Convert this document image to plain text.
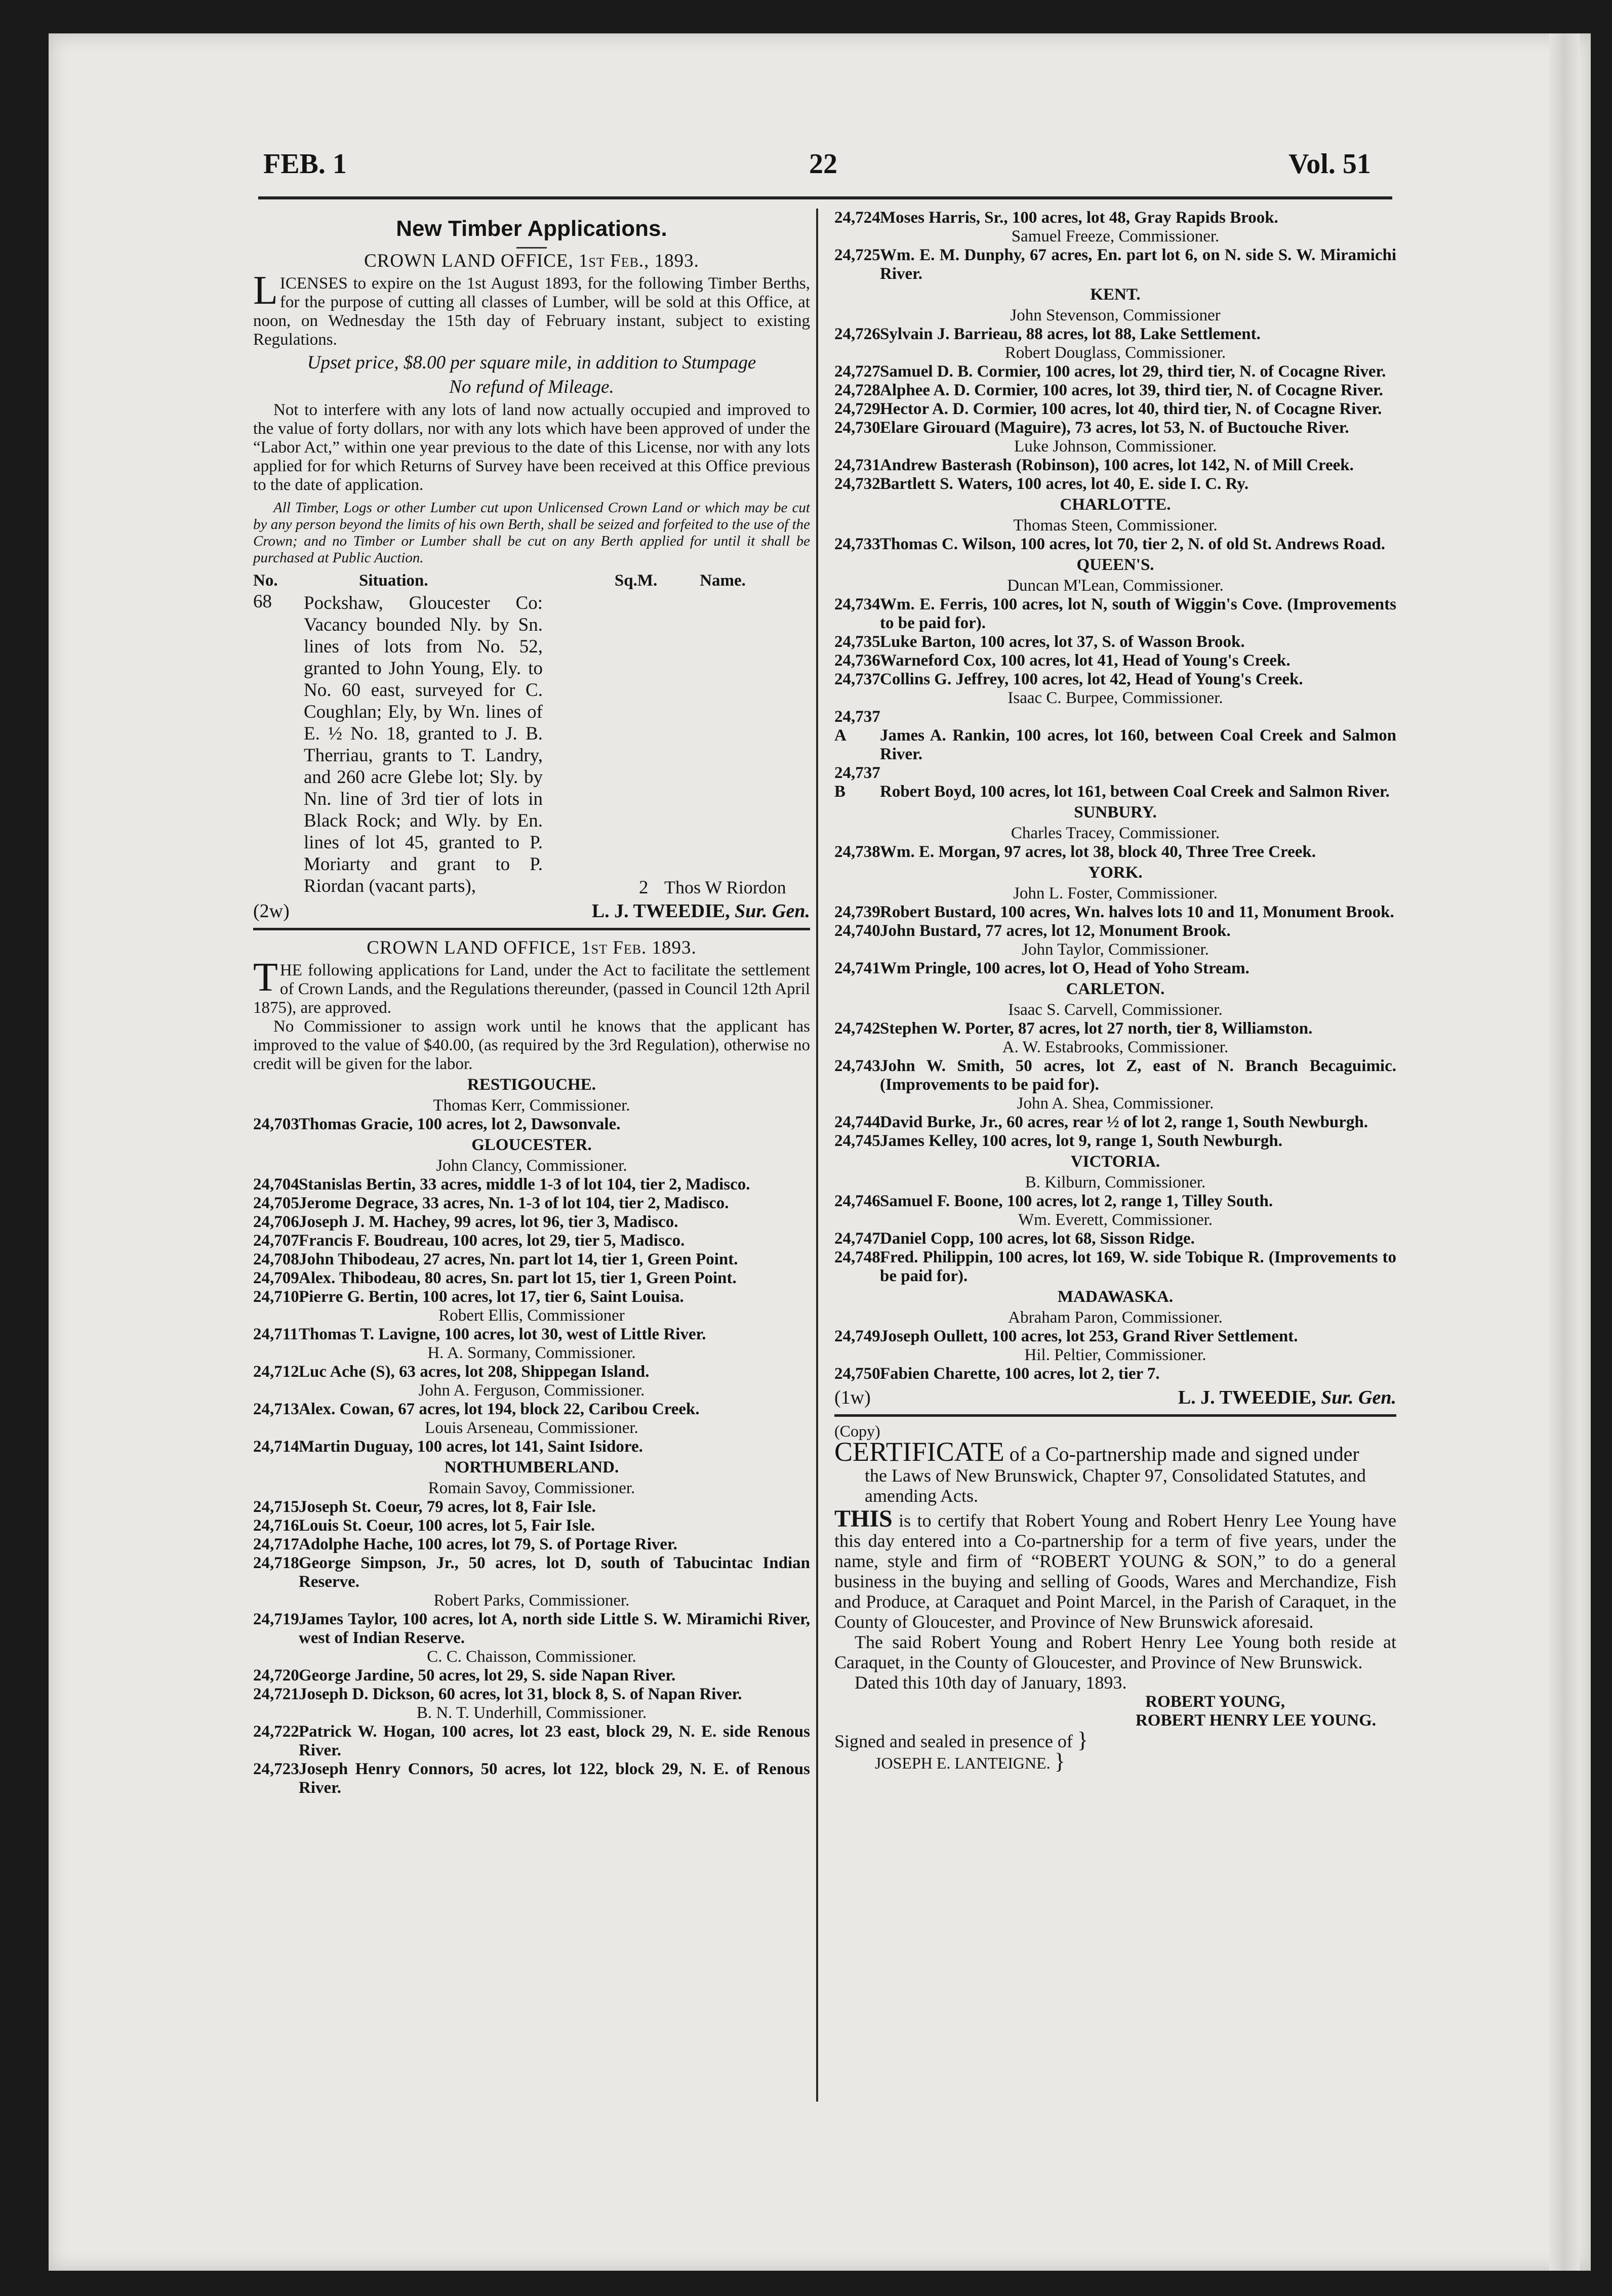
FEB. 1	22	Vol. 51
New Timber Applications.
CROWN LAND OFFICE, 1st Feb., 1893.

LICENSES to expire on the 1st August 1893, for the following Timber Berths, for the purpose of cutting all classes of Lumber, will be sold at this Office, at noon, on Wednesday the 15th day of February instant, subject to existing Regulations.

Upset price, $8.00 per square mile, in addition to Stumpage
No refund of Mileage.

Not to interfere with any lots of land now actually occupied and improved to the value of forty dollars, nor with any lots which have been approved of under the “Labor Act,” within one year previous to the date of this License, nor with any lots applied for for which Returns of Survey have been received at this Office previous to the date of application.

All Timber, Logs or other Lumber cut upon Unlicensed Crown Land or which may be cut by any person beyond the limits of his own Berth, shall be seized and forfeited to the use of the Crown; and no Timber or Lumber shall be cut on any Berth applied for until it shall be purchased at Public Auction.

No.	Situation.	Sq.M.	Name.
68	Pockshaw, Gloucester Co: Vacancy bounded Nly. by Sn. lines of lots from No. 52, granted to John Young, Ely. to No. 60 east, surveyed for C. Coughlan; Ely, by Wn. lines of E. ½ No. 18, granted to J. B. Therriau, grants to T. Landry, and 260 acre Glebe lot; Sly. by Nn. line of 3rd tier of lots in Black Rock; and Wly. by En. lines of lot 45, granted to P. Moriarty and grant to P. Riordan (vacant parts),	2 Thos W Riordon
(2w)	L. J. TWEEDIE, Sur. Gen.
CROWN LAND OFFICE, 1st Feb. 1893.

THE following applications for Land, under the Act to facilitate the settlement of Crown Lands, and the Regulations thereunder, (passed in Council 12th April 1875), are approved.

No Commissioner to assign work until he knows that the applicant has improved to the value of $40.00, (as required by the 3rd Regulation), otherwise no credit will be given for the labor.

RESTIGOUCHE.
Thomas Kerr, Commissioner.
24,703Thomas Gracie, 100 acres, lot 2, Dawsonvale.
GLOUCESTER.
John Clancy, Commissioner.
24,704Stanislas Bertin, 33 acres, middle 1-3 of lot 104, tier 2, Madisco.
24,705Jerome Degrace, 33 acres, Nn. 1-3 of lot 104, tier 2, Madisco.
24,706Joseph J. M. Hachey, 99 acres, lot 96, tier 3, Madisco.
24,707Francis F. Boudreau, 100 acres, lot 29, tier 5, Madisco.
24,708John Thibodeau, 27 acres, Nn. part lot 14, tier 1, Green Point.
24,709Alex. Thibodeau, 80 acres, Sn. part lot 15, tier 1, Green Point.
24,710Pierre G. Bertin, 100 acres, lot 17, tier 6, Saint Louisa.
Robert Ellis, Commissioner
24,711Thomas T. Lavigne, 100 acres, lot 30, west of Little River.
H. A. Sormany, Commissioner.
24,712Luc Ache (S), 63 acres, lot 208, Shippegan Island.
John A. Ferguson, Commissioner.
24,713Alex. Cowan, 67 acres, lot 194, block 22, Caribou Creek.
Louis Arseneau, Commissioner.
24,714Martin Duguay, 100 acres, lot 141, Saint Isidore.
NORTHUMBERLAND.
Romain Savoy, Commissioner.
24,715Joseph St. Coeur, 79 acres, lot 8, Fair Isle.
24,716Louis St. Coeur, 100 acres, lot 5, Fair Isle.
24,717Adolphe Hache, 100 acres, lot 79, S. of Portage River.
24,718George Simpson, Jr., 50 acres, lot D, south of Tabucintac Indian Reserve.
Robert Parks, Commissioner.
24,719James Taylor, 100 acres, lot A, north side Little S. W. Miramichi River, west of Indian Reserve.
C. C. Chaisson, Commissioner.
24,720George Jardine, 50 acres, lot 29, S. side Napan River.
24,721Joseph D. Dickson, 60 acres, lot 31, block 8, S. of Napan River.
B. N. T. Underhill, Commissioner.
24,722Patrick W. Hogan, 100 acres, lot 23 east, block 29, N. E. side Renous River.
24,723Joseph Henry Connors, 50 acres, lot 122, block 29, N. E. of Renous River.
24,724Moses Harris, Sr., 100 acres, lot 48, Gray Rapids Brook.
Samuel Freeze, Commissioner.
24,725Wm. E. M. Dunphy, 67 acres, En. part lot 6, on N. side S. W. Miramichi River.
KENT.
John Stevenson, Commissioner
24,726Sylvain J. Barrieau, 88 acres, lot 88, Lake Settlement.
Robert Douglass, Commissioner.
24,727Samuel D. B. Cormier, 100 acres, lot 29, third tier, N. of Cocagne River.
24,728Alphee A. D. Cormier, 100 acres, lot 39, third tier, N. of Cocagne River.
24,729Hector A. D. Cormier, 100 acres, lot 40, third tier, N. of Cocagne River.
24,730Elare Girouard (Maguire), 73 acres, lot 53, N. of Buctouche River.
Luke Johnson, Commissioner.
24,731Andrew Basterash (Robinson), 100 acres, lot 142, N. of Mill Creek.
24,732Bartlett S. Waters, 100 acres, lot 40, E. side I. C. Ry.
CHARLOTTE.
Thomas Steen, Commissioner.
24,733Thomas C. Wilson, 100 acres, lot 70, tier 2, N. of old St. Andrews Road.
QUEEN'S.
Duncan M'Lean, Commissioner.
24,734Wm. E. Ferris, 100 acres, lot N, south of Wiggin's Cove. (Improvements to be paid for).
24,735Luke Barton, 100 acres, lot 37, S. of Wasson Brook.
24,736Warneford Cox, 100 acres, lot 41, Head of Young's Creek.
24,737Collins G. Jeffrey, 100 acres, lot 42, Head of Young's Creek.
Isaac C. Burpee, Commissioner.
24,737 A James A. Rankin, 100 acres, lot 160, between Coal Creek and Salmon River.
24,737 B Robert Boyd, 100 acres, lot 161, between Coal Creek and Salmon River.
SUNBURY.
Charles Tracey, Commissioner.
24,738Wm. E. Morgan, 97 acres, lot 38, block 40, Three Tree Creek.
YORK.
John L. Foster, Commissioner.
24,739Robert Bustard, 100 acres, Wn. halves lots 10 and 11, Monument Brook.
24,740John Bustard, 77 acres, lot 12, Monument Brook.
John Taylor, Commissioner.
24,741Wm Pringle, 100 acres, lot O, Head of Yoho Stream.
CARLETON.
Isaac S. Carvell, Commissioner.
24,742Stephen W. Porter, 87 acres, lot 27 north, tier 8, Williamston.
A. W. Estabrooks, Commissioner.
24,743John W. Smith, 50 acres, lot Z, east of N. Branch Becaguimic. (Improvements to be paid for).
John A. Shea, Commissioner.
24,744David Burke, Jr., 60 acres, rear ½ of lot 2, range 1, South Newburgh.
24,745James Kelley, 100 acres, lot 9, range 1, South Newburgh.
VICTORIA.
B. Kilburn, Commissioner.
24,746Samuel F. Boone, 100 acres, lot 2, range 1, Tilley South.
Wm. Everett, Commissioner.
24,747Daniel Copp, 100 acres, lot 68, Sisson Ridge.
24,748Fred. Philippin, 100 acres, lot 169, W. side Tobique R. (Improvements to be paid for).
MADAWASKA.
Abraham Paron, Commissioner.
24,749Joseph Oullett, 100 acres, lot 253, Grand River Settlement.
Hil. Peltier, Commissioner.
24,750Fabien Charette, 100 acres, lot 2, tier 7.
(1w)	L. J. TWEEDIE, Sur. Gen.
(Copy)
CERTIFICATE of a Co-partnership made and signed under
the Laws of New Brunswick, Chapter 97, Consolidated Statutes, and amending Acts.

THIS is to certify that Robert Young and Robert Henry Lee Young have this day entered into a Co-partnership for a term of five years, under the name, style and firm of “ROBERT YOUNG & SON,” to do a general business in the buying and selling of Goods, Wares and Merchandize, Fish and Produce, at Caraquet and Point Marcel, in the Parish of Caraquet, in the County of Gloucester, and Province of New Brunswick aforesaid.

The said Robert Young and Robert Henry Lee Young both reside at Caraquet, in the County of Gloucester, and Province of New Brunswick.

Dated this 10th day of January, 1893.

ROBERT YOUNG,
ROBERT HENRY LEE YOUNG.
Signed and sealed in presence of }
JOSEPH E. LANTEIGNE. }
